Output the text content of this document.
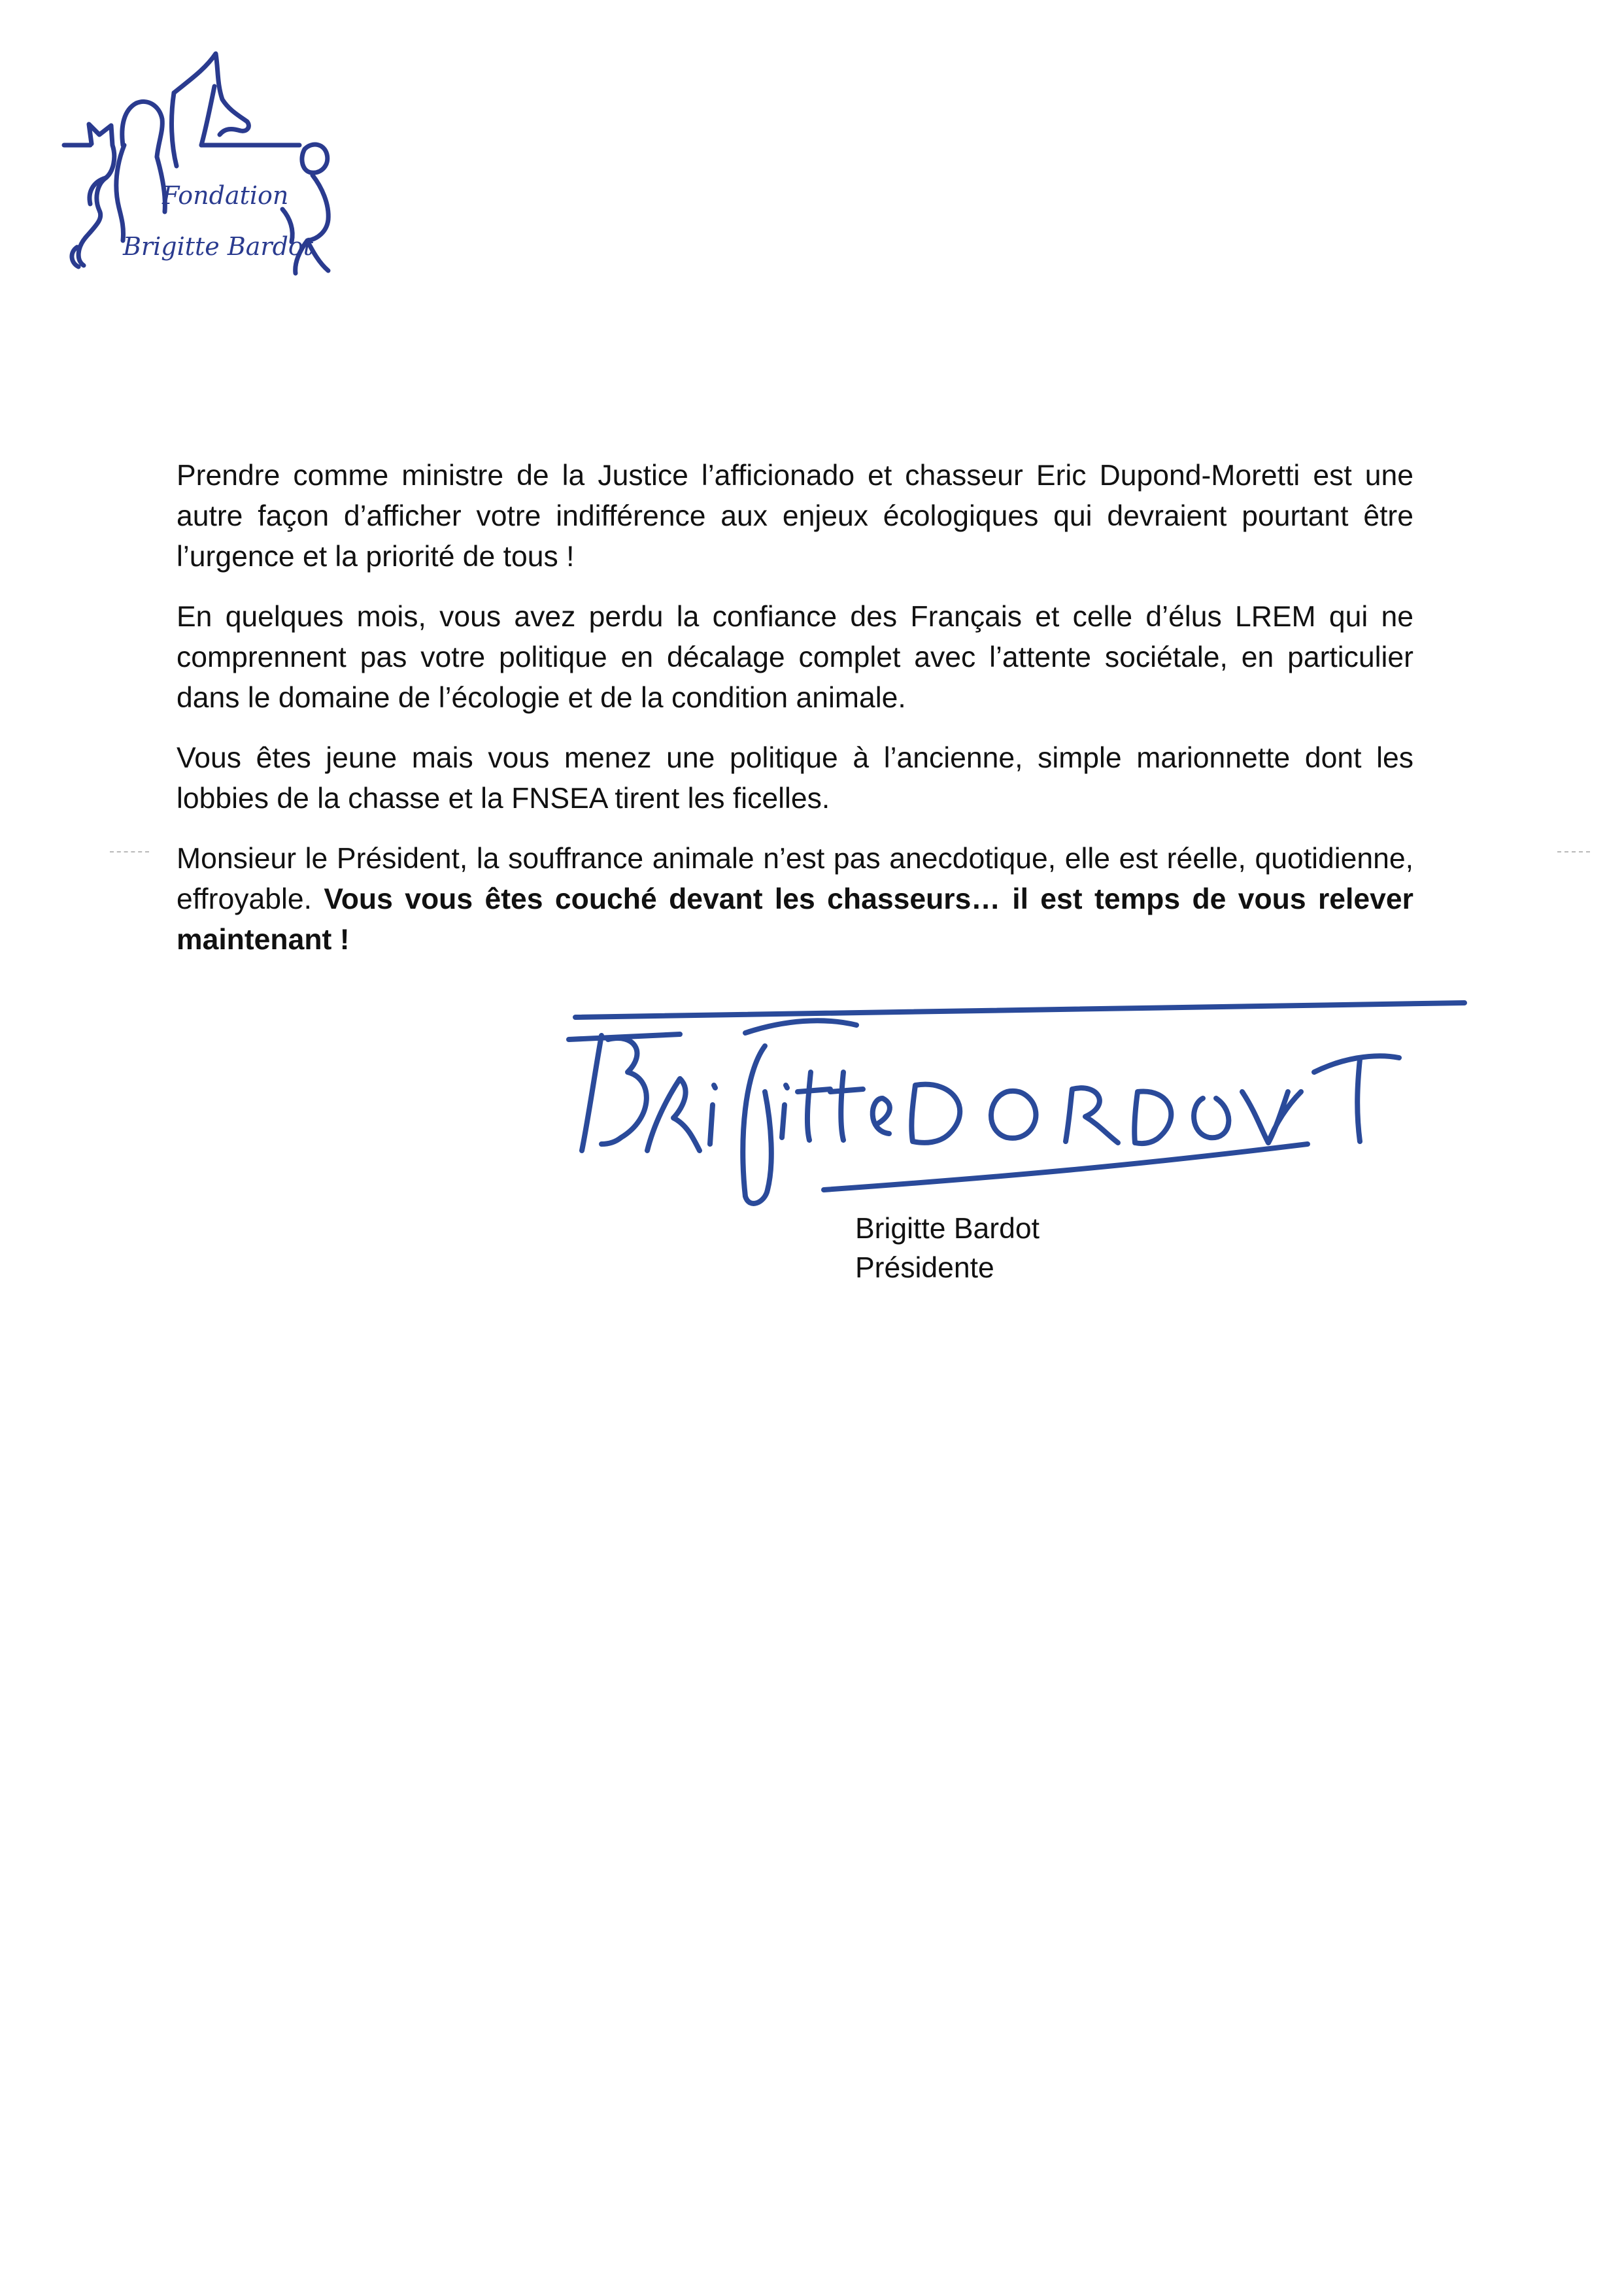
Fondation
Brigitte Bardot

Prendre comme ministre de la Justice l’afficionado et chasseur Eric Dupond-Moretti est une autre façon d’afficher votre indifférence aux enjeux écologiques qui devraient pourtant être l’urgence et la priorité de tous !

En quelques mois, vous avez perdu la confiance des Français et celle d’élus LREM qui ne comprennent pas votre politique en décalage complet avec l’attente sociétale, en particulier dans le domaine de l’écologie et de la condition animale.

Vous êtes jeune mais vous menez une politique à l’ancienne, simple marionnette dont les lobbies de la chasse et la FNSEA tirent les ficelles.

Monsieur le Président, la souffrance animale n’est pas anecdotique, elle est réelle, quotidienne, effroyable. Vous vous êtes couché devant les chasseurs… il est temps de vous relever maintenant !

Brigitte Bardot
Présidente
